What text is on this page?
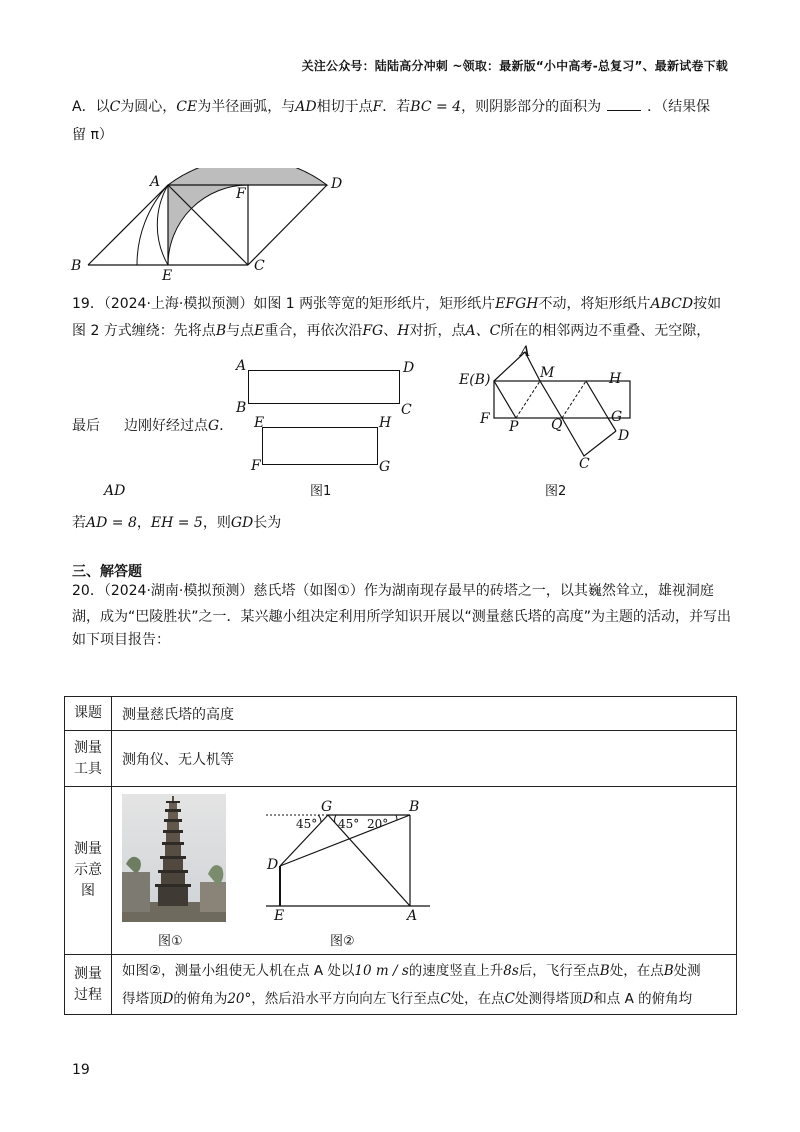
关注公众号：陆陆高分冲刺 ~领取：最新版“小中高考-总复习”、最新试卷下载
A．以C为圆心，CE为半径画弧，与AD相切于点F．若BC = 4，则阴影部分的面积为	．（结果保
留 π）
A	D
F
B
E
C
19．（2024·上海·模拟预测）如图 1 两张等宽的矩形纸片，矩形纸片EFGH不动，将矩形纸片ABCD按如
图 2 方式缠绕：先将点B与点E重合，再依次沿FG、H对折，点A、C所在的相邻两边不重叠、无空隙，
最后 边刚好经过点G．
AD
若AD = 8，EH = 5，则GD长为
A	D
B	C
E	H
F	G
图1
A
E(B)	M	H
F P Q	G
D
C
图2
三、解答题
20．（2024·湖南·模拟预测）慈氏塔（如图①）作为湖南现存最早的砖塔之一，以其巍然耸立，雄视洞庭
湖，成为“巴陵胜状”之一．某兴趣小组决定利用所学知识开展以“测量慈氏塔的高度”为主题的活动，并写出
如下项目报告：
课题	测量慈氏塔的高度

测量工具	测角仪、无人机等

测量示意图	

测量过程	如图②，测量小组使无人机在点 A 处以10 m / s的速度竖直上升8s后，飞行至点B处，在点B处测
得塔顶D的俯角为20°，然后沿水平方向向左飞行至点C处，在点C处测得塔顶D和点 A 的俯角均
图①
G	B
D
E	A
45° 45° 20°
图②
19
